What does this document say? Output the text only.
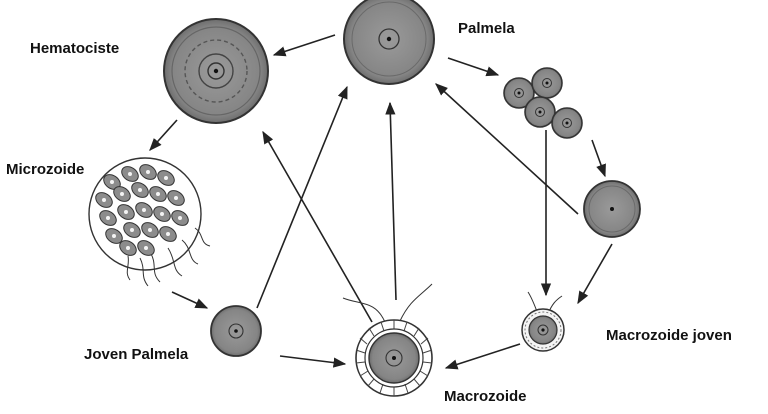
Hematociste
Palmela
Microzoide
Joven Palmela
Macrozoide
Macrozoide joven
